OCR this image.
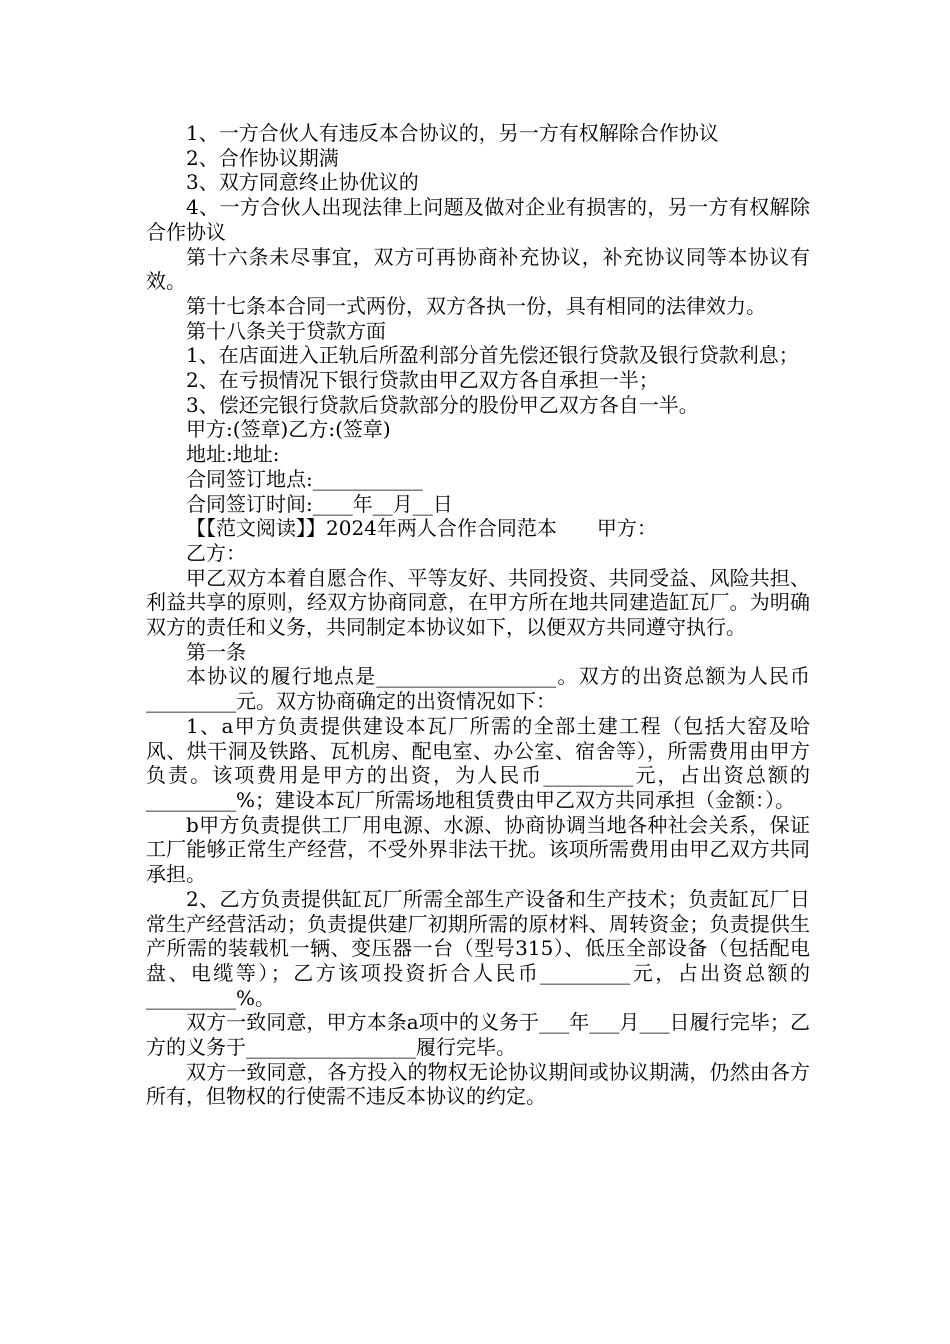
1、一方合伙人有违反本合协议的，另一方有权解除合作协议

2、合作协议期满

3、双方同意终止协优议的

4、一方合伙人出现法律上问题及做对企业有损害的，另一方有权解除合作协议

第十六条未尽事宜，双方可再协商补充协议，补充协议同等本协议有效。

第十七条本合同一式两份，双方各执一份，具有相同的法律效力。

第十八条关于贷款方面

1、在店面进入正轨后所盈利部分首先偿还银行贷款及银行贷款利息；

2、在亏损情况下银行贷款由甲乙双方各自承担一半；

3、偿还完银行贷款后贷款部分的股份甲乙双方各自一半。

甲方:(签章)乙方:(签章)

地址:地址:

合同签订地点:___________

合同签订时间:____年__月__日

【【范文阅读】】2024年两人合作合同范本　　甲方：

乙方：

甲乙双方本着自愿合作、平等友好、共同投资、共同受益、风险共担、利益共享的原则，经双方协商同意，在甲方所在地共同建造缸瓦厂。为明确双方的责任和义务，共同制定本协议如下，以便双方共同遵守执行。

第一条

本协议的履行地点是__________________。双方的出资总额为人民币_________元。双方协商确定的出资情况如下：

1、a甲方负责提供建设本瓦厂所需的全部土建工程（包括大窑及哈风、烘干洞及铁路、瓦机房、配电室、办公室、宿舍等），所需费用由甲方负责。该项费用是甲方的出资，为人民币_________元，占出资总额的_________%；建设本瓦厂所需场地租赁费由甲乙双方共同承担（金额：）。

b甲方负责提供工厂用电源、水源、协商协调当地各种社会关系，保证工厂能够正常生产经营，不受外界非法干扰。该项所需费用由甲乙双方共同承担。

2、乙方负责提供缸瓦厂所需全部生产设备和生产技术；负责缸瓦厂日常生产经营活动；负责提供建厂初期所需的原材料、周转资金；负责提供生产所需的装载机一辆、变压器一台（型号315）、低压全部设备（包括配电盘、电缆等）；乙方该项投资折合人民币_________元，占出资总额的_________%。

双方一致同意，甲方本条a项中的义务于___年___月___日履行完毕；乙方的义务于_________________履行完毕。

双方一致同意，各方投入的物权无论协议期间或协议期满，仍然由各方所有，但物权的行使需不违反本协议的约定。
